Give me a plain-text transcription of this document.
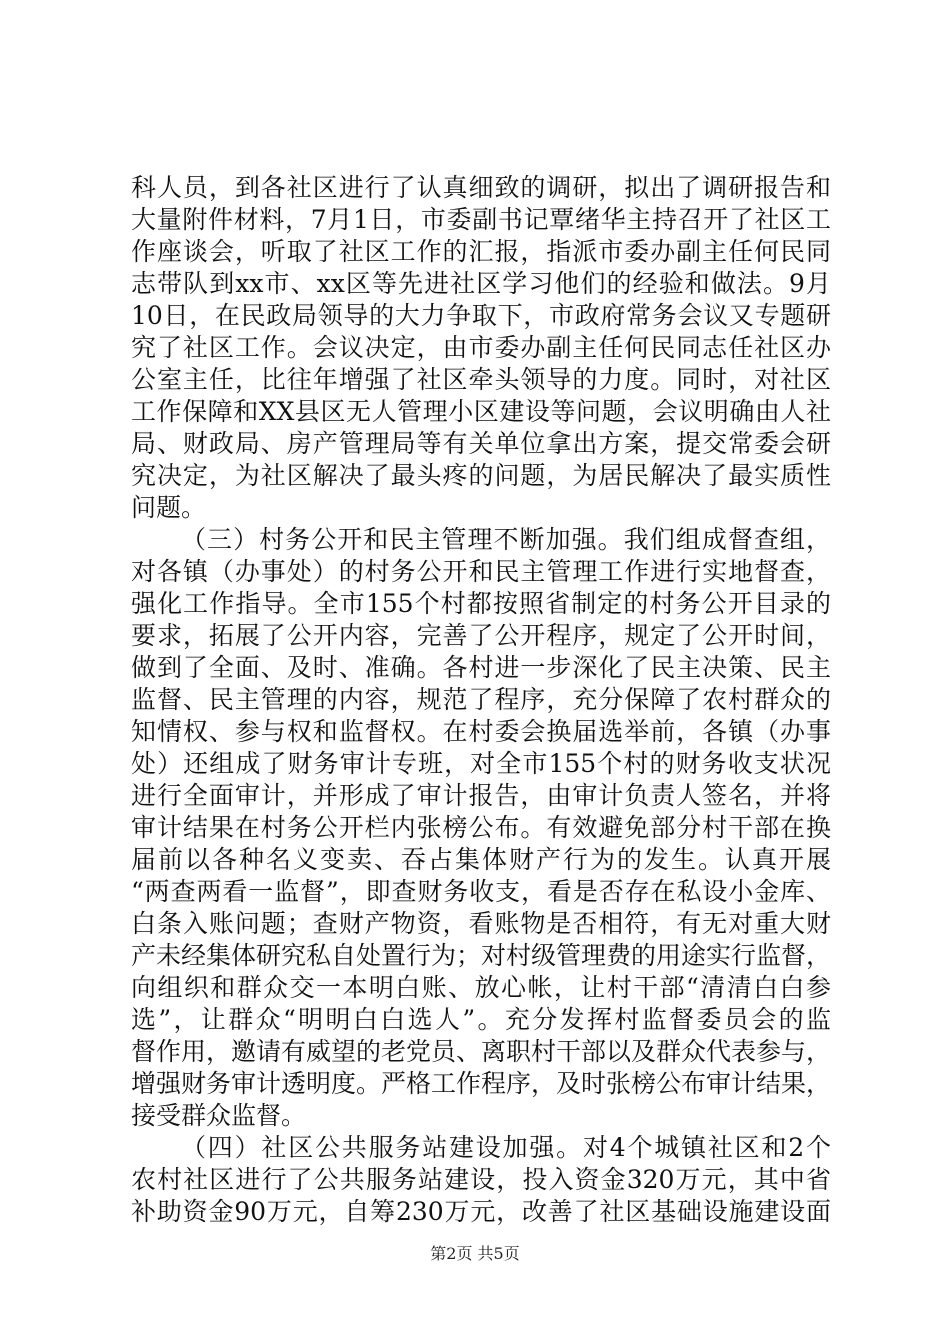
科人员，到各社区进行了认真细致的调研，拟出了调研报告和
大量附件材料，7月1日，市委副书记覃绪华主持召开了社区工
作座谈会，听取了社区工作的汇报，指派市委办副主任何民同
志带队到xx市、xx区等先进社区学习他们的经验和做法。9月
10日，在民政局领导的大力争取下，市政府常务会议又专题研
究了社区工作。会议决定，由市委办副主任何民同志任社区办
公室主任，比往年增强了社区牵头领导的力度。同时，对社区
工作保障和XX县区无人管理小区建设等问题，会议明确由人社
局、财政局、房产管理局等有关单位拿出方案，提交常委会研
究决定，为社区解决了最头疼的问题，为居民解决了最实质性
问题。
（三）村务公开和民主管理不断加强。我们组成督查组，
对各镇（办事处）的村务公开和民主管理工作进行实地督查，
强化工作指导。全市155个村都按照省制定的村务公开目录的
要求，拓展了公开内容，完善了公开程序，规定了公开时间，
做到了全面、及时、准确。各村进一步深化了民主决策、民主
监督、民主管理的内容，规范了程序，充分保障了农村群众的
知情权、参与权和监督权。在村委会换届选举前，各镇（办事
处）还组成了财务审计专班，对全市155个村的财务收支状况
进行全面审计，并形成了审计报告，由审计负责人签名，并将
审计结果在村务公开栏内张榜公布。有效避免部分村干部在换
届前以各种名义变卖、吞占集体财产行为的发生。认真开展
“两查两看一监督”，即查财务收支，看是否存在私设小金库、
白条入账问题；查财产物资，看账物是否相符，有无对重大财
产未经集体研究私自处置行为；对村级管理费的用途实行监督，
向组织和群众交一本明白账、放心帐，让村干部“清清白白参
选”，让群众“明明白白选人”。充分发挥村监督委员会的监
督作用，邀请有威望的老党员、离职村干部以及群众代表参与，
增强财务审计透明度。严格工作程序，及时张榜公布审计结果，
接受群众监督。
（四）社区公共服务站建设加强。对4个城镇社区和2个
农村社区进行了公共服务站建设，投入资金320万元，其中省
补助资金90万元，自筹230万元，改善了社区基础设施建设面
第2页 共5页
